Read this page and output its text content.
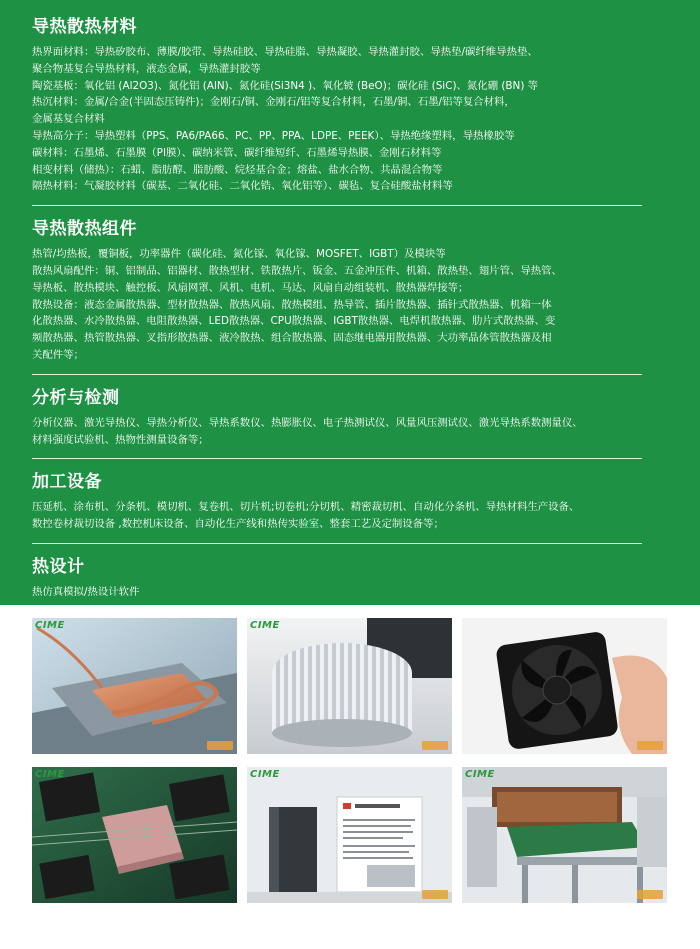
导热散热材料

热界面材料：导热矽胶布、薄膜/胶带、导热硅胶、导热硅脂、导热凝胶、导热灌封胶、导热垫/碳纤维导热垫、

聚合物基复合导热材料，液态金属，导热灌封胶等

陶瓷基板：氧化铝 (Al2O3)、氮化铝 (AlN)、氮化硅(Si3N4 )、氧化铍 (BeO)；碳化硅 (SiC)、氮化硼 (BN) 等

热沉材料：金属/合金(半固态压铸件)；金刚石/铜、金刚石/铝等复合材料，石墨/铜、石墨/铝等复合材料，

金属基复合材料

导热高分子：导热塑料（PPS、PA6/PA66、PC、PP、PPA、LDPE、PEEK）、导热绝缘塑料，导热橡胶等

碳材料：石墨烯、石墨膜（PI膜）、碳纳米管、碳纤维短纤、石墨烯导热膜、金刚石材料等

相变材料（储热）：石蜡、脂肪醇、脂肪酸、烷烃基合金；熔盐、盐水合物、共晶混合物等

隔热材料：气凝胶材料（碳基、二氧化硅、二氧化锆、氧化铝等）、碳毡、复合硅酸盐材料等

导热散热组件

热管/均热板，覆铜板，功率器件（碳化硅、氮化镓、氧化镓、MOSFET、IGBT）及模块等

散热风扇配件：铜、铝制品、铝器材、散热型材、铁散热片、钣金、五金冲压件、机箱、散热垫、翅片管、导热管、

导热板、散热模块、触控板、风扇网罩、风机、电机、马达、风扇自动组装机、散热器焊接等；

散热设备：液态金属散热器、型材散热器、散热风扇、散热模组、热导管、插片散热器、插针式散热器、机箱一体

化散热器、水冷散热器、电阻散热器、LED散热器、CPU散热器、IGBT散热器、电焊机散热器、肋片式散热器、变

频散热器、热管散热器、叉指形散热器、液冷散热、组合散热器、固态继电器用散热器、大功率晶体管散热器及相

关配件等；

分析与检测

分析仪器、激光导热仪、导热分析仪、导热系数仪、热膨胀仪、电子热测试仪、风量风压测试仪、激光导热系数测量仪、

材料强度试验机、热物性测量设备等；

加工设备

压延机、涂布机、分条机、模切机、复卷机、切片机;切卷机;分切机、精密裁切机、自动化分条机、导热材料生产设备、

数控卷材裁切设备 ,数控机床设备、自动化生产线和热传实验室、整套工艺及定制设备等；

热设计

热仿真模拟/热设计软件

CIME	CIME
CIME	CIME	CIME
